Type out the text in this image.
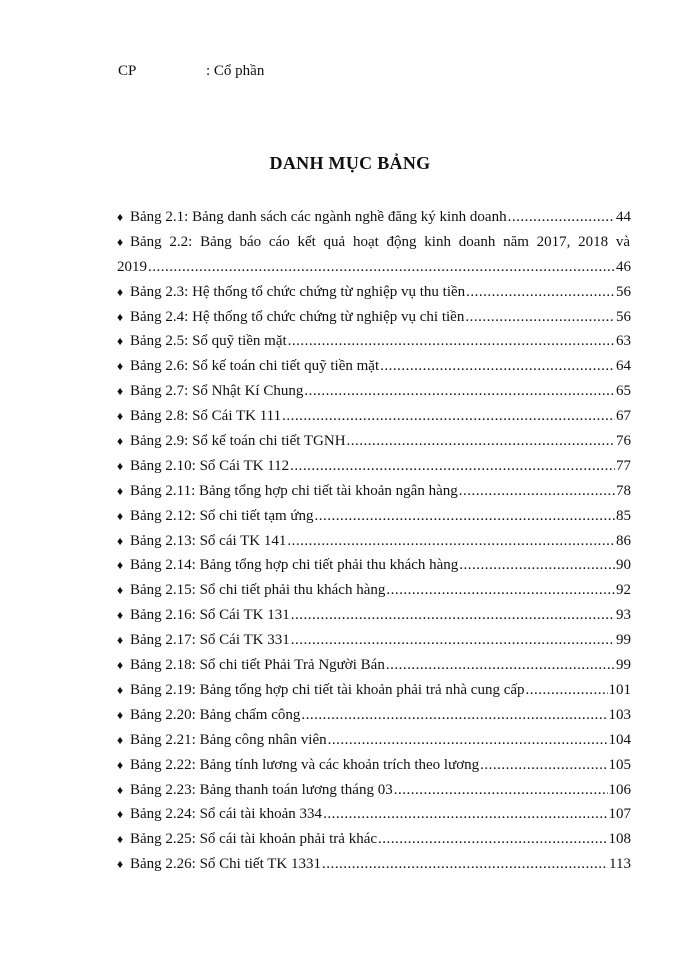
CP	: Cổ phần
DANH MỤC BẢNG
♦ Bảng 2.1: Bảng danh sách các ngành nghề đăng ký kinh doanh .....	44
♦ Bảng 2.2: Bảng báo cáo kết quả hoạt động kinh doanh năm 2017, 2018 và
2019 .....	46
♦ Bảng 2.3: Hệ thống tổ chức chứng từ nghiệp vụ thu tiền .....	56
♦ Bảng 2.4: Hệ thống tổ chức chứng từ nghiệp vụ chi tiền .....	56
♦ Bảng 2.5: Sổ quỹ tiền mặt .....	63
♦ Bảng 2.6: Sổ kế toán chi tiết quỹ tiền mặt .....	64
♦ Bảng 2.7: Sổ Nhật Kí Chung .....	65
♦ Bảng 2.8: Sổ Cái TK 111 .....	67
♦ Bảng 2.9: Sổ kế toán chi tiết TGNH .....	76
♦ Bảng 2.10: Sổ Cái TK 112 .....	77
♦ Bảng 2.11: Bảng tổng hợp chi tiết tài khoản ngân hàng .....	78
♦ Bảng 2.12: Sổ chi tiết tạm ứng .....	85
♦ Bảng 2.13: Sổ cái TK 141 .....	86
♦ Bảng 2.14: Bảng tổng hợp chi tiết phải thu khách hàng .....	90
♦ Bảng 2.15: Sổ chi tiết phải thu khách hàng .....	92
♦ Bảng 2.16: Sổ Cái TK 131 .....	93
♦ Bảng 2.17: Sổ Cái TK 331 .....	99
♦ Bảng 2.18: Sổ chi tiết Phải Trả Người Bán .....	99
♦ Bảng 2.19: Bảng tổng hợp chi tiết tài khoản phải trả nhà cung cấp .....	101
♦ Bảng 2.20: Bảng chấm công .....	103
♦ Bảng 2.21: Bảng công nhân viên .....	104
♦ Bảng 2.22: Bảng tính lương và các khoản trích theo lương .....	105
♦ Bảng 2.23: Bảng thanh toán lương tháng 03 .....	106
♦ Bảng 2.24: Sổ cái tài khoản 334 .....	107
♦ Bảng 2.25: Sổ cái tài khoản phải trả khác .....	108
♦ Bảng 2.26: Sổ Chi tiết TK 1331 .....	113
